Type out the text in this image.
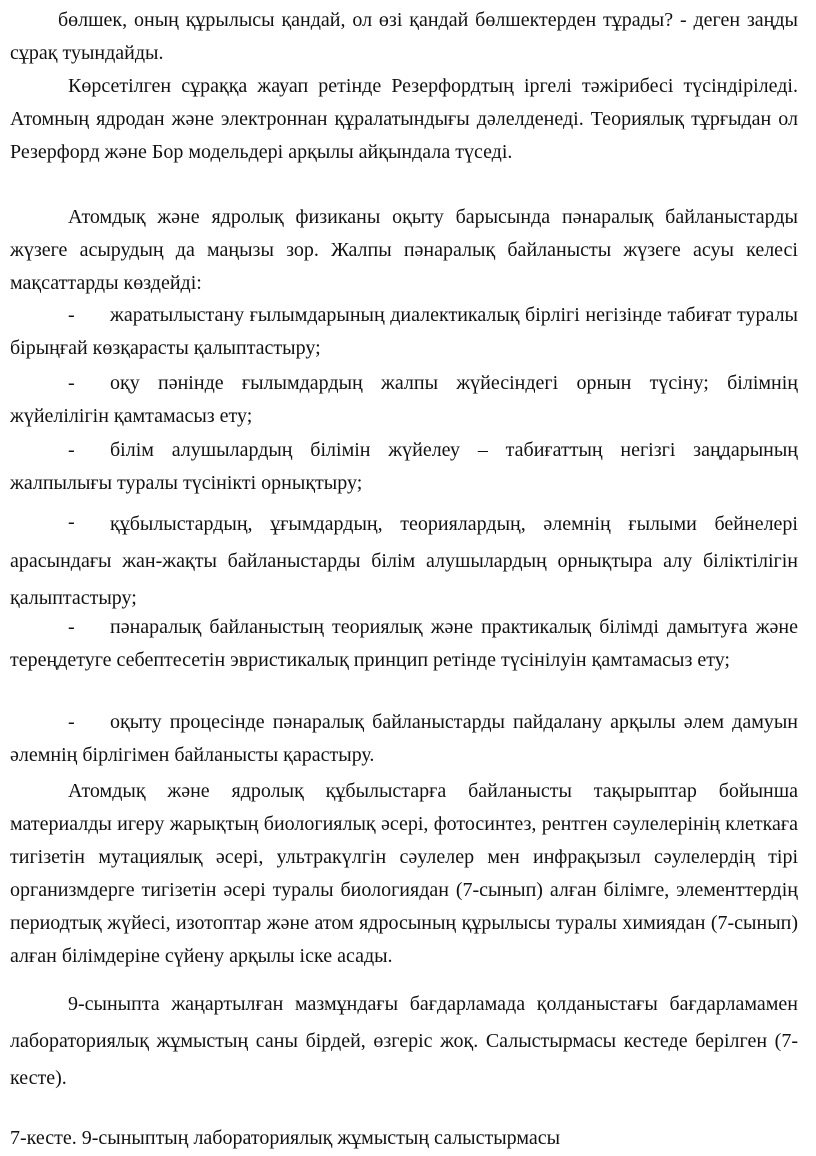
бөлшек, оның құрылысы қандай, ол өзі қандай бөлшектерден тұрады? - деген заңды сұрақ туындайды.

Көрсетілген сұраққа жауап ретінде Резерфордтың іргелі тәжірибесі түсіндіріледі. Атомның ядродан және электроннан құралатындығы дәлелденеді. Теориялық тұрғыдан ол Резерфорд және Бор модельдері арқылы айқындала түседі.

Атомдық және ядролық физиканы оқыту барысында пәнаралық байланыстарды жүзеге асырудың да маңызы зор. Жалпы пәнаралық байланысты жүзеге асуы келесі мақсаттарды көздейді:

-	жаратылыстану ғылымдарының диалектикалық бірлігі негізінде табиғат туралы бірыңғай көзқарасты қалыптастыру;

-	оқу пәнінде ғылымдардың жалпы жүйесіндегі орнын түсіну; білімнің жүйелілігін қамтамасыз ету;

-	білім алушылардың білімін жүйелеу – табиғаттың негізгі заңдарының жалпылығы туралы түсінікті орнықтыру;

-	құбылыстардың, ұғымдардың, теориялардың, әлемнің ғылыми бейнелері арасындағы жан-жақты байланыстарды білім алушылардың орнықтыра алу біліктілігін қалыптастыру;

-	пәнаралық байланыстың теориялық және практикалық білімді дамытуға және тереңдетуге себептесетін эвристикалық принцип ретінде түсінілуін қамтамасыз ету;

-	оқыту процесінде пәнаралық байланыстарды пайдалану арқылы әлем дамуын әлемнің бірлігімен байланысты қарастыру.

Атомдық және ядролық құбылыстарға байланысты тақырыптар бойынша материалды игеру жарықтың биологиялық әсері, фотосинтез, рентген сәулелерінің клеткаға тигізетін мутациялық әсері, ультракүлгін сәулелер мен инфрақызыл сәулелердің тірі организмдерге тигізетін әсері туралы биологиядан (7-сынып) алған білімге, элементтердің периодтық жүйесі, изотоптар және атом ядросының құрылысы туралы химиядан (7-сынып) алған білімдеріне сүйену арқылы іске асады.

9-сыныпта жаңартылған мазмұндағы бағдарламада қолданыстағы бағдарламамен лабораториялық жұмыстың саны бірдей, өзгеріс жоқ. Салыстырмасы кестеде берілген (7-кесте).

7-кесте. 9-сыныптың лабораториялық жұмыстың салыстырмасы
